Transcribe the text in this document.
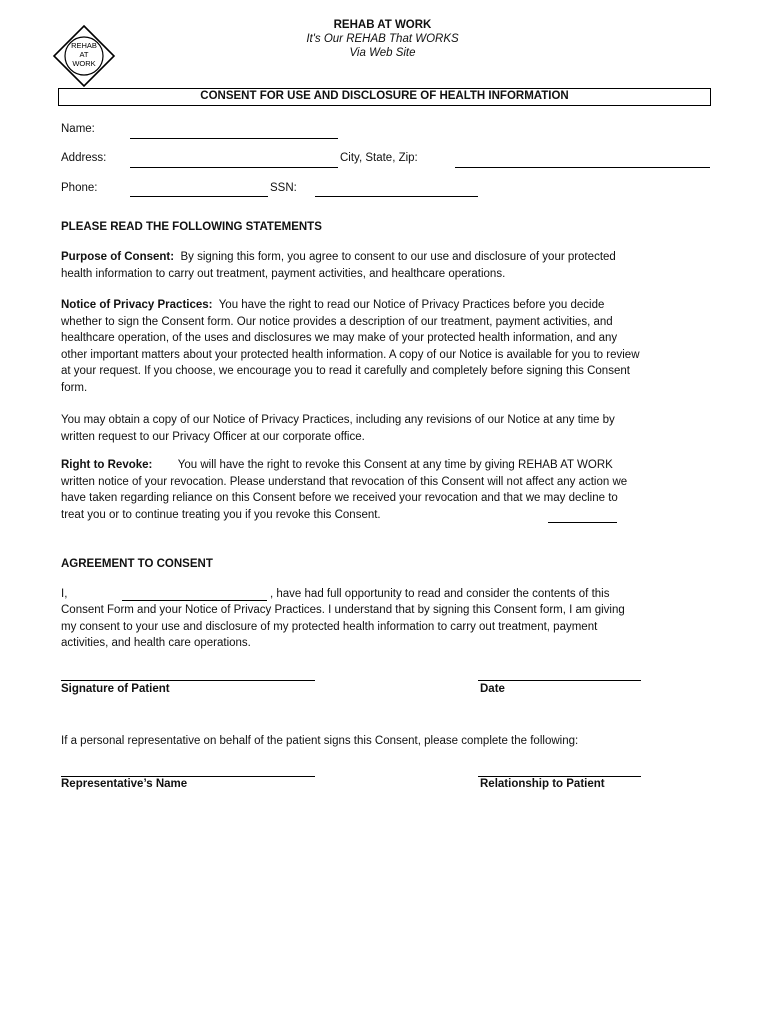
REHAB
AT
WORK
REHAB AT WORK
It's Our REHAB That WORKS
Via Web Site
CONSENT FOR USE AND DISCLOSURE OF HEALTH INFORMATION
Name:
Address:	City, State, Zip:
Phone:	SSN:
PLEASE READ THE FOLLOWING STATEMENTS
Purpose of Consent: By signing this form, you agree to consent to our use and disclosure of your protected health information to carry out treatment, payment activities, and healthcare operations.
Notice of Privacy Practices: You have the right to read our Notice of Privacy Practices before you decide whether to sign the Consent form. Our notice provides a description of our treatment, payment activities, and healthcare operation, of the uses and disclosures we may make of your protected health information, and any other important matters about your protected health information. A copy of our Notice is available for you to review at your request. If you choose, we encourage you to read it carefully and completely before signing this Consent form.
You may obtain a copy of our Notice of Privacy Practices, including any revisions of our Notice at any time by written request to our Privacy Officer at our corporate office.
Right to Revoke: You will have the right to revoke this Consent at any time by giving REHAB AT WORK written notice of your revocation. Please understand that revocation of this Consent will not affect any action we have taken regarding reliance on this Consent before we received your revocation and that we may decline to treat you or to continue treating you if you revoke this Consent.
AGREEMENT TO CONSENT
I,	, have had full opportunity to read and consider the contents of this
Consent Form and your Notice of Privacy Practices. I understand that by signing this Consent form, I am giving my consent to your use and disclosure of my protected health information to carry out treatment, payment activities, and health care operations.
Signature of Patient	Date
If a personal representative on behalf of the patient signs this Consent, please complete the following:
Representative’s Name	Relationship to Patient
